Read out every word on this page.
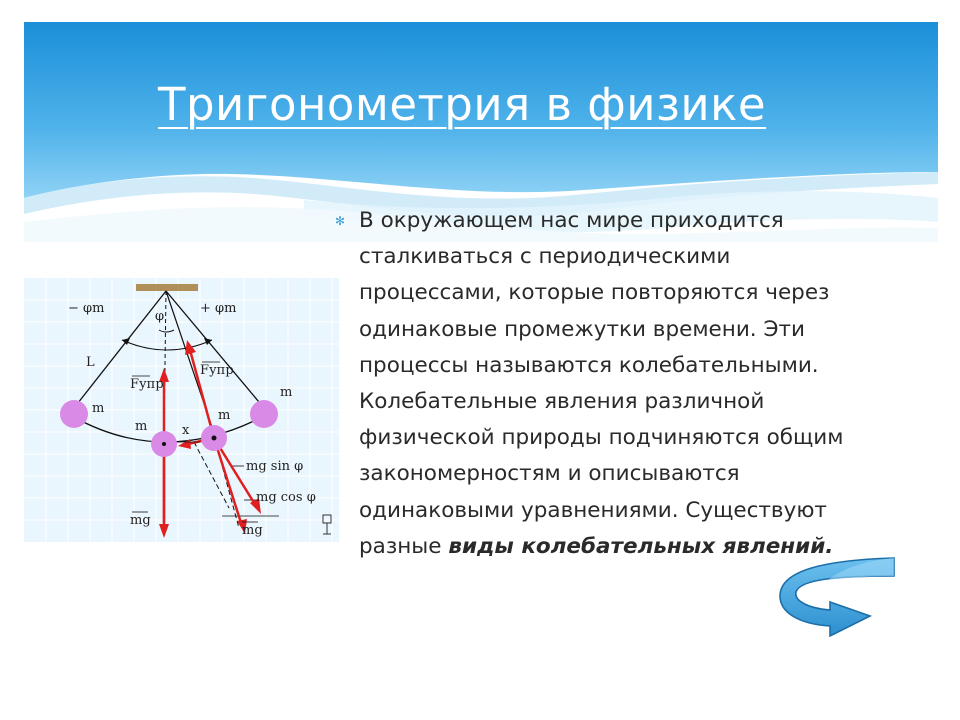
Тригонометрия в физике
− φm
φ
+ φm
L
Fупр
Fупр
m
m
m
m
x
mg sin φ
mg cos φ
mg
mg
✻ В окружающем нас мире приходится сталкиваться с периодическими процессами, которые повторяются через одинаковые промежутки времени. Эти процессы называются колебательными. Колебательные явления различной физической природы подчиняются общим закономерностям и описываются одинаковыми уравнениями. Существуют разные виды колебательных явлений.
